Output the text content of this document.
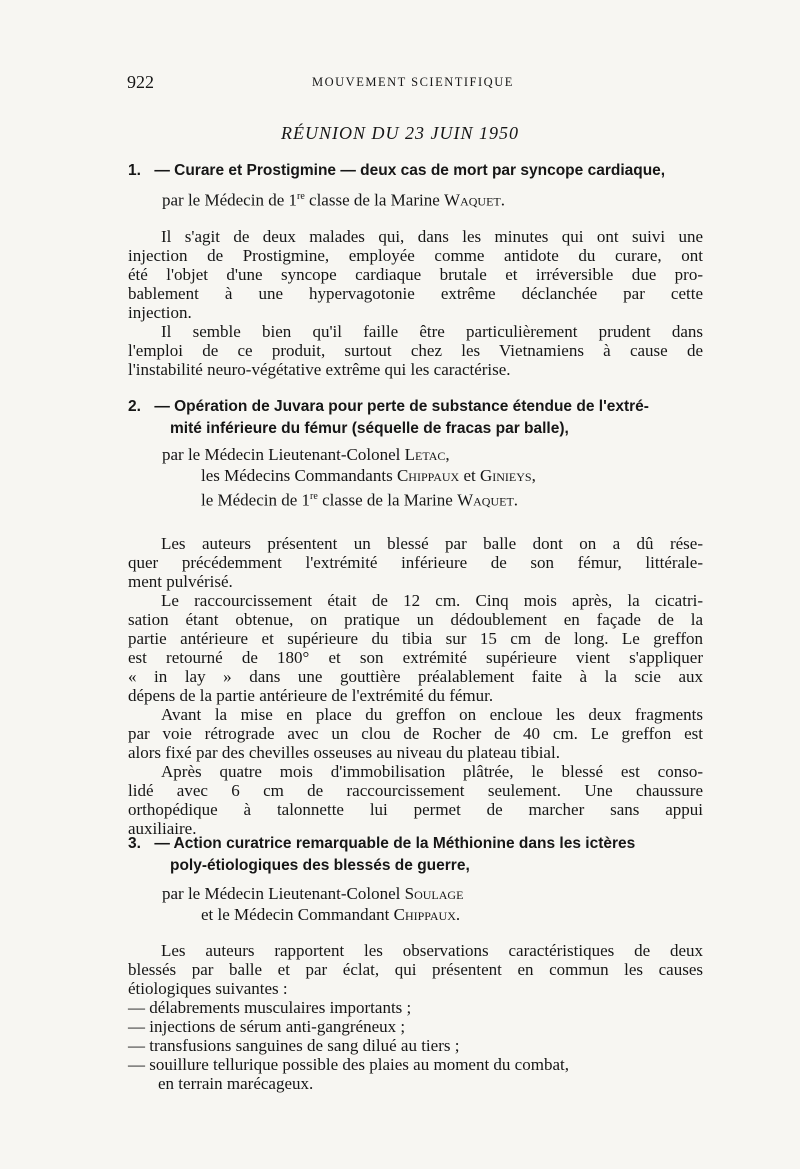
922	MOUVEMENT SCIENTIFIQUE
RÉUNION DU 23 JUIN 1950
1. — Curare et Prostigmine — deux cas de mort par syncope cardiaque,
par le Médecin de 1re classe de la Marine Waquet.
Il s'agit de deux malades qui, dans les minutes qui ont suivi une
injection de Prostigmine, employée comme antidote du curare, ont
été l'objet d'une syncope cardiaque brutale et irréversible due pro-
bablement à une hypervagotonie extrême déclanchée par cette
injection.
Il semble bien qu'il faille être particulièrement prudent dans
l'emploi de ce produit, surtout chez les Vietnamiens à cause de
l'instabilité neuro-végétative extrême qui les caractérise.
2. — Opération de Juvara pour perte de substance étendue de l'extré-
mité inférieure du fémur (séquelle de fracas par balle),
par le Médecin Lieutenant-Colonel Letac,
les Médecins Commandants Chippaux et Ginieys,
le Médecin de 1re classe de la Marine Waquet.
Les auteurs présentent un blessé par balle dont on a dû rése-
quer précédemment l'extrémité inférieure de son fémur, littérale-
ment pulvérisé.
Le raccourcissement était de 12 cm. Cinq mois après, la cicatri-
sation étant obtenue, on pratique un dédoublement en façade de la
partie antérieure et supérieure du tibia sur 15 cm de long. Le greffon
est retourné de 180° et son extrémité supérieure vient s'appliquer
« in lay » dans une gouttière préalablement faite à la scie aux
dépens de la partie antérieure de l'extrémité du fémur.
Avant la mise en place du greffon on encloue les deux fragments
par voie rétrograde avec un clou de Rocher de 40 cm. Le greffon est
alors fixé par des chevilles osseuses au niveau du plateau tibial.
Après quatre mois d'immobilisation plâtrée, le blessé est conso-
lidé avec 6 cm de raccourcissement seulement. Une chaussure
orthopédique à talonnette lui permet de marcher sans appui
auxiliaire.
3. — Action curatrice remarquable de la Méthionine dans les ictères
poly-étiologiques des blessés de guerre,
par le Médecin Lieutenant-Colonel Soulage
et le Médecin Commandant Chippaux.
Les auteurs rapportent les observations caractéristiques de deux
blessés par balle et par éclat, qui présentent en commun les causes
étiologiques suivantes :
— délabrements musculaires importants ;
— injections de sérum anti-gangréneux ;
— transfusions sanguines de sang dilué au tiers ;
— souillure tellurique possible des plaies au moment du combat,
en terrain marécageux.
